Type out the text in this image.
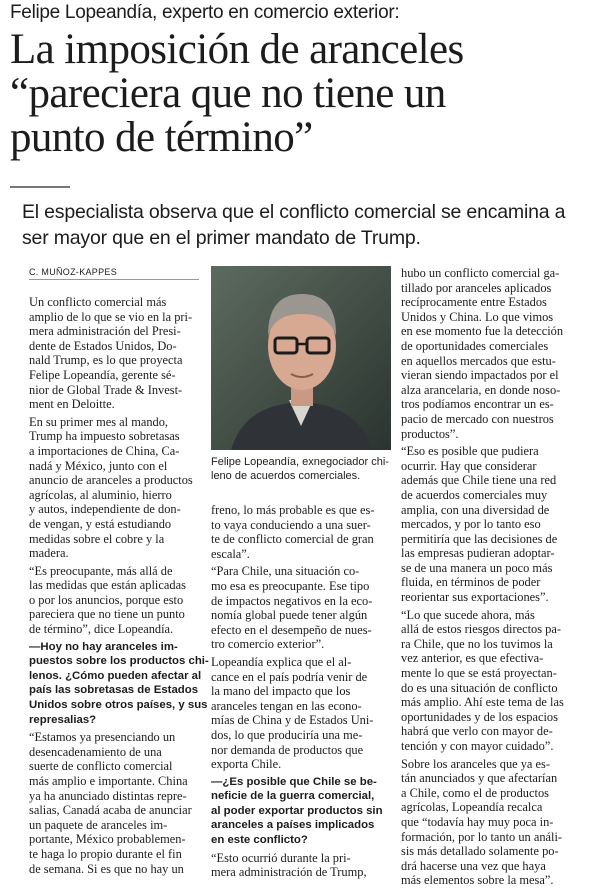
Felipe Lopeandía, experto en comercio exterior:
La imposición de aranceles
“pareciera que no tiene un
punto de término”
El especialista observa que el conflicto comercial se encamina a
ser mayor que en el primer mandato de Trump.
C. MUÑOZ-KAPPES

Un conflicto comercial más
amplio de lo que se vio en la pri-
mera administración del Presi-
dente de Estados Unidos, Do-
nald Trump, es lo que proyecta
Felipe Lopeandía, gerente sé-
nior de Global Trade & Invest-
ment en Deloitte.

En su primer mes al mando,
Trump ha impuesto sobretasas
a importaciones de China, Ca-
nadá y México, junto con el
anuncio de aranceles a productos
agrícolas, al aluminio, hierro
y autos, independiente de don-
de vengan, y está estudiando
medidas sobre el cobre y la
madera.

“Es preocupante, más allá de
las medidas que están aplicadas
o por los anuncios, porque esto
pareciera que no tiene un punto
de término”, dice Lopeandía.

—Hoy no hay aranceles im-
puestos sobre los productos chi-
lenos. ¿Cómo pueden afectar al
país las sobretasas de Estados
Unidos sobre otros países, y sus
represalias?

“Estamos ya presenciando un
desencadenamiento de una
suerte de conflicto comercial
más amplio e importante. China
ya ha anunciado distintas repre-
salias, Canadá acaba de anunciar
un paquete de aranceles im-
portante, México probablemen-
te haga lo propio durante el fin
de semana. Si es que no hay un

Felipe Lopeandía, exnegociador chi-
leno de acuerdos comerciales.

freno, lo más probable es que es-
to vaya conduciendo a una suer-
te de conflicto comercial de gran
escala”.

“Para Chile, una situación co-
mo esa es preocupante. Ese tipo
de impactos negativos en la eco-
nomía global puede tener algún
efecto en el desempeño de nues-
tro comercio exterior”.

Lopeandía explica que el al-
cance en el país podría venir de
la mano del impacto que los
aranceles tengan en las econo-
mías de China y de Estados Uni-
dos, lo que produciría una me-
nor demanda de productos que
exporta Chile.

—¿Es posible que Chile se be-
neficie de la guerra comercial,
al poder exportar productos sin
aranceles a países implicados
en este conflicto?

“Esto ocurrió durante la pri-
mera administración de Trump,

hubo un conflicto comercial ga-
tillado por aranceles aplicados
recíprocamente entre Estados
Unidos y China. Lo que vimos
en ese momento fue la detección
de oportunidades comerciales
en aquellos mercados que estu-
vieran siendo impactados por el
alza arancelaria, en donde noso-
tros podíamos encontrar un es-
pacio de mercado con nuestros
productos”.

“Eso es posible que pudiera
ocurrir. Hay que considerar
además que Chile tiene una red
de acuerdos comerciales muy
amplia, con una diversidad de
mercados, y por lo tanto eso
permitiría que las decisiones de
las empresas pudieran adoptar-
se de una manera un poco más
fluida, en términos de poder
reorientar sus exportaciones”.

“Lo que sucede ahora, más
allá de estos riesgos directos pa-
ra Chile, que no los tuvimos la
vez anterior, es que efectiva-
mente lo que se está proyectan-
do es una situación de conflicto
más amplio. Ahí este tema de las
oportunidades y de los espacios
habrá que verlo con mayor de-
tención y con mayor cuidado”.

Sobre los aranceles que ya es-
tán anunciados y que afectarían
a Chile, como el de productos
agrícolas, Lopeandía recalca
que “todavía hay muy poca in-
formación, por lo tanto un análi-
sis más detallado solamente po-
drá hacerse una vez que haya
más elementos sobre la mesa”.
